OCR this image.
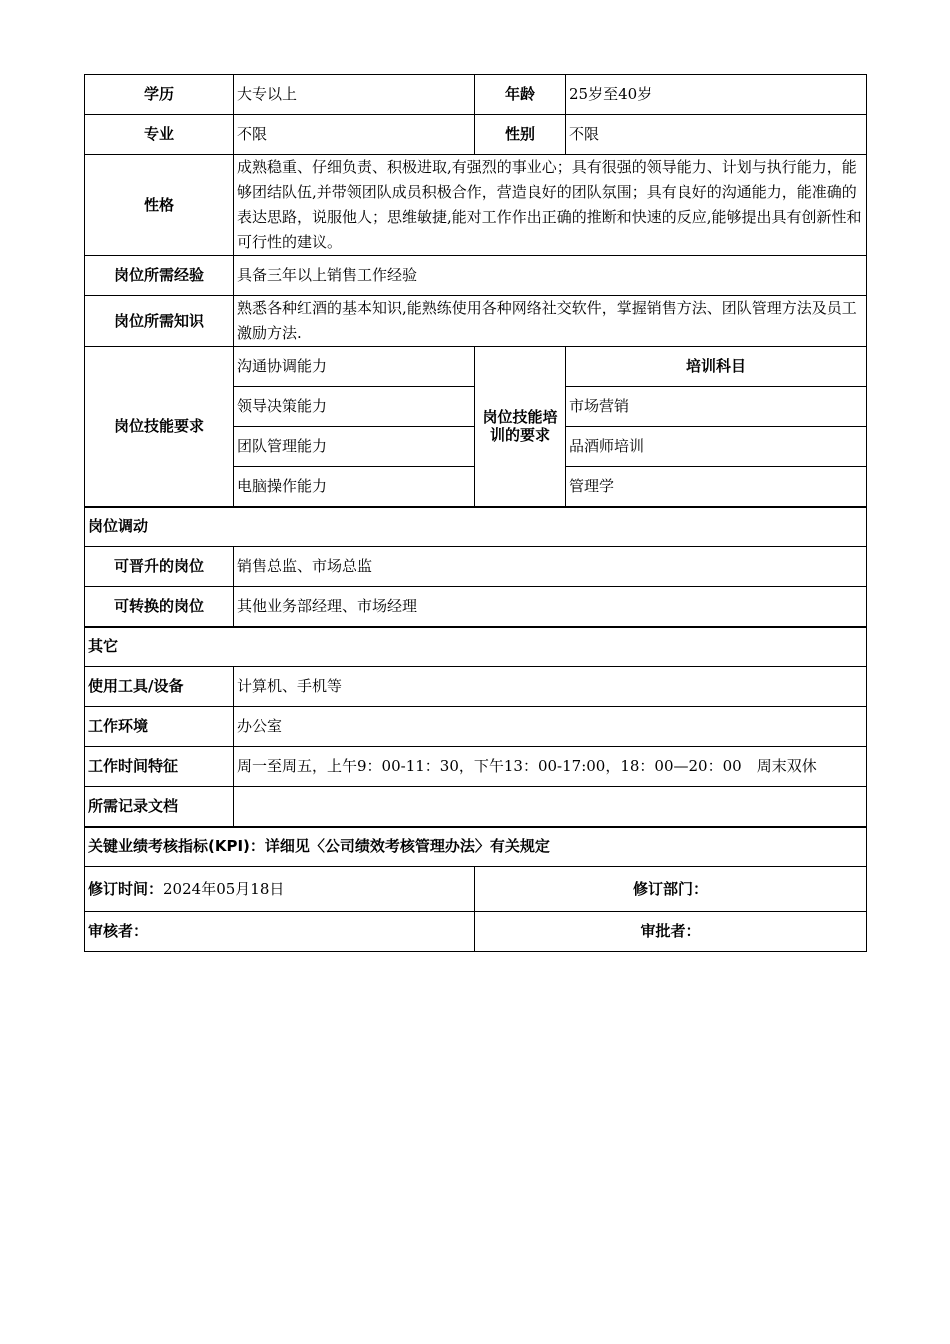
学历	大专以上	年龄	25岁至40岁
专业	不限	性别	不限
性格	成熟稳重、仔细负责、积极进取,有强烈的事业心；具有很强的领导能力、计划与执行能力，能够团结队伍,并带领团队成员积极合作，营造良好的团队氛围；具有良好的沟通能力，能准确的表达思路，说服他人；思维敏捷,能对工作作出正确的推断和快速的反应,能够提出具有创新性和可行性的建议。		
岗位所需经验	具备三年以上销售工作经验		
岗位所需知识	熟悉各种红酒的基本知识,能熟练使用各种网络社交软件，掌握销售方法、团队管理方法及员工激励方法.		
岗位技能要求	沟通协调能力	岗位技能培训的要求	培训科目
	领导决策能力		市场营销
	团队管理能力		品酒师培训
	电脑操作能力		管理学
岗位调动			
可晋升的岗位	销售总监、市场总监		
可转换的岗位	其他业务部经理、市场经理		
其它			
使用工具/设备	计算机、手机等		
工作环境	办公室		
工作时间特征	周一至周五，上午9：00-11：30，下午13：00-17:00，18：00—20：00　周末双休		
所需记录文档			
关键业绩考核指标(KPI)：详细见〈公司绩效考核管理办法〉有关规定			
修订时间：2024年05月18日		修订部门：	
审核者：		审批者：	
